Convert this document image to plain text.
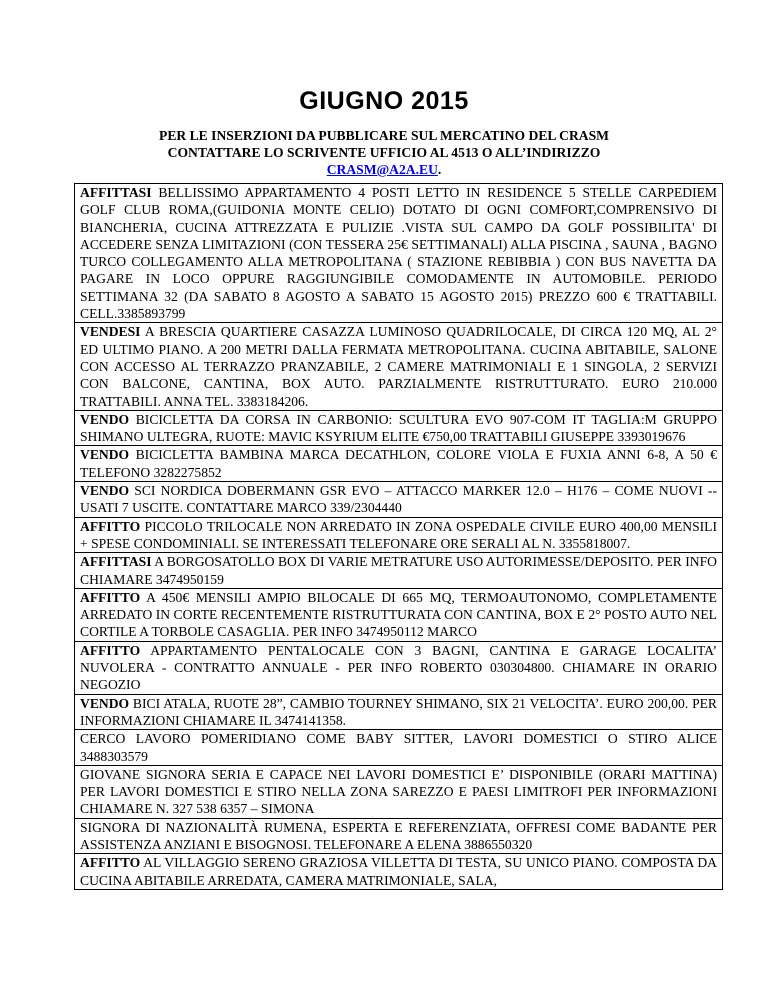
GIUGNO 2015
PER LE INSERZIONI DA PUBBLICARE SUL MERCATINO DEL CRASM
CONTATTARE LO SCRIVENTE UFFICIO AL 4513 O ALL’INDIRIZZO
CRASM@A2A.EU.
AFFITTASI BELLISSIMO APPARTAMENTO 4 POSTI LETTO IN RESIDENCE 5 STELLE CARPEDIEM GOLF CLUB ROMA,(GUIDONIA MONTE CELIO) DOTATO DI OGNI COMFORT,COMPRENSIVO DI BIANCHERIA, CUCINA ATTREZZATA E PULIZIE .VISTA SUL CAMPO DA GOLF POSSIBILITA' DI ACCEDERE SENZA LIMITAZIONI (CON TESSERA 25€ SETTIMANALI) ALLA PISCINA , SAUNA , BAGNO TURCO COLLEGAMENTO ALLA METROPOLITANA ( STAZIONE REBIBBIA ) CON BUS NAVETTA DA PAGARE IN LOCO OPPURE RAGGIUNGIBILE COMODAMENTE IN AUTOMOBILE. PERIODO SETTIMANA 32 (DA SABATO 8 AGOSTO A SABATO 15 AGOSTO 2015) PREZZO 600 € TRATTABILI. CELL.3385893799
VENDESI A BRESCIA QUARTIERE CASAZZA LUMINOSO QUADRILOCALE, DI CIRCA 120 MQ, AL 2° ED ULTIMO PIANO. A 200 METRI DALLA FERMATA METROPOLITANA. CUCINA ABITABILE, SALONE CON ACCESSO AL TERRAZZO PRANZABILE, 2 CAMERE MATRIMONIALI E 1 SINGOLA, 2 SERVIZI CON BALCONE, CANTINA, BOX AUTO. PARZIALMENTE RISTRUTTURATO. EURO 210.000 TRATTABILI. ANNA TEL. 3383184206.
VENDO BICICLETTA DA CORSA IN CARBONIO: SCULTURA EVO 907-COM IT TAGLIA:M GRUPPO SHIMANO ULTEGRA, RUOTE: MAVIC KSYRIUM ELITE €750,00 TRATTABILI GIUSEPPE 3393019676
VENDO BICICLETTA BAMBINA MARCA DECATHLON, COLORE VIOLA E FUXIA ANNI 6-8, A 50 € TELEFONO 3282275852
VENDO SCI NORDICA DOBERMANN GSR EVO – ATTACCO MARKER 12.0 – H176 – COME NUOVI -- USATI 7 USCITE. CONTATTARE MARCO 339/2304440
AFFITTO PICCOLO TRILOCALE NON ARREDATO IN ZONA OSPEDALE CIVILE EURO 400,00 MENSILI + SPESE CONDOMINIALI. SE INTERESSATI TELEFONARE ORE SERALI AL N. 3355818007.
AFFITTASI A BORGOSATOLLO BOX DI VARIE METRATURE USO AUTORIMESSE/DEPOSITO. PER INFO CHIAMARE 3474950159
AFFITTO A 450€ MENSILI AMPIO BILOCALE DI 665 MQ, TERMOAUTONOMO, COMPLETAMENTE ARREDATO IN CORTE RECENTEMENTE RISTRUTTURATA CON CANTINA, BOX E 2° POSTO AUTO NEL CORTILE A TORBOLE CASAGLIA. PER INFO 3474950112 MARCO
AFFITTO APPARTAMENTO PENTALOCALE CON 3 BAGNI, CANTINA E GARAGE LOCALITA’ NUVOLERA - CONTRATTO ANNUALE - PER INFO ROBERTO 030304800. CHIAMARE IN ORARIO NEGOZIO
VENDO BICI ATALA, RUOTE 28”, CAMBIO TOURNEY SHIMANO, SIX 21 VELOCITA’. EURO 200,00. PER INFORMAZIONI CHIAMARE IL 3474141358.
CERCO LAVORO POMERIDIANO COME BABY SITTER, LAVORI DOMESTICI O STIRO ALICE 3488303579
GIOVANE SIGNORA SERIA E CAPACE NEI LAVORI DOMESTICI E’ DISPONIBILE (ORARI MATTINA) PER LAVORI DOMESTICI E STIRO NELLA ZONA SAREZZO E PAESI LIMITROFI PER INFORMAZIONI CHIAMARE N. 327 538 6357 – SIMONA
SIGNORA DI NAZIONALITÀ RUMENA, ESPERTA E REFERENZIATA, OFFRESI COME BADANTE PER ASSISTENZA ANZIANI E BISOGNOSI. TELEFONARE A ELENA 3886550320
AFFITTO AL VILLAGGIO SERENO GRAZIOSA VILLETTA DI TESTA, SU UNICO PIANO. COMPOSTA DA CUCINA ABITABILE ARREDATA, CAMERA MATRIMONIALE, SALA,
